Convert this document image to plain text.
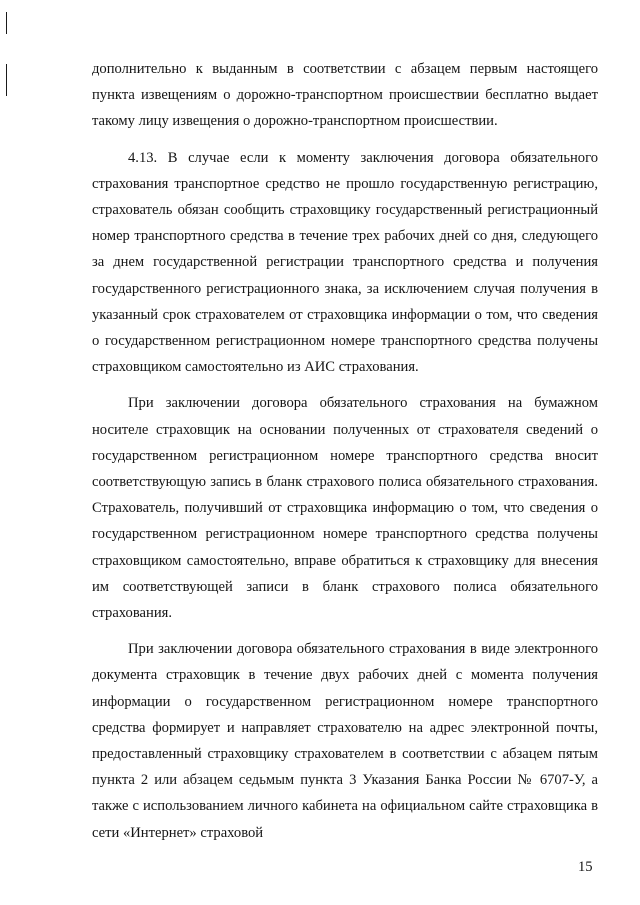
дополнительно к выданным в соответствии с абзацем первым настоящего пункта извещениям о дорожно-транспортном происшествии бесплатно выдает такому лицу извещения о дорожно-транспортном происшествии.

4.13. В случае если к моменту заключения договора обязательного страхования транспортное средство не прошло государственную регистрацию, страхователь обязан сообщить страховщику государственный регистрационный номер транспортного средства в течение трех рабочих дней со дня, следующего за днем государственной регистрации транспортного средства и получения государственного регистрационного знака, за исключением случая получения в указанный срок страхователем от страховщика информации о том, что сведения о государственном регистрационном номере транспортного средства получены страховщиком самостоятельно из АИС страхования.

При заключении договора обязательного страхования на бумажном носителе страховщик на основании полученных от страхователя сведений о государственном регистрационном номере транспортного средства вносит соответствующую запись в бланк страхового полиса обязательного страхования. Страхователь, получивший от страховщика информацию о том, что сведения о государственном регистрационном номере транспортного средства получены страховщиком самостоятельно, вправе обратиться к страховщику для внесения им соответствующей записи в бланк страхового полиса обязательного страхования.

При заключении договора обязательного страхования в виде электронного документа страховщик в течение двух рабочих дней с момента получения информации о государственном регистрационном номере транспортного средства формирует и направляет страхователю на адрес электронной почты, предоставленный страховщику страхователем в соответствии с абзацем пятым пункта 2 или абзацем седьмым пункта 3 Указания Банка России № 6707-У, а также с использованием личного кабинета на официальном сайте страховщика в сети «Интернет» страховой

15
